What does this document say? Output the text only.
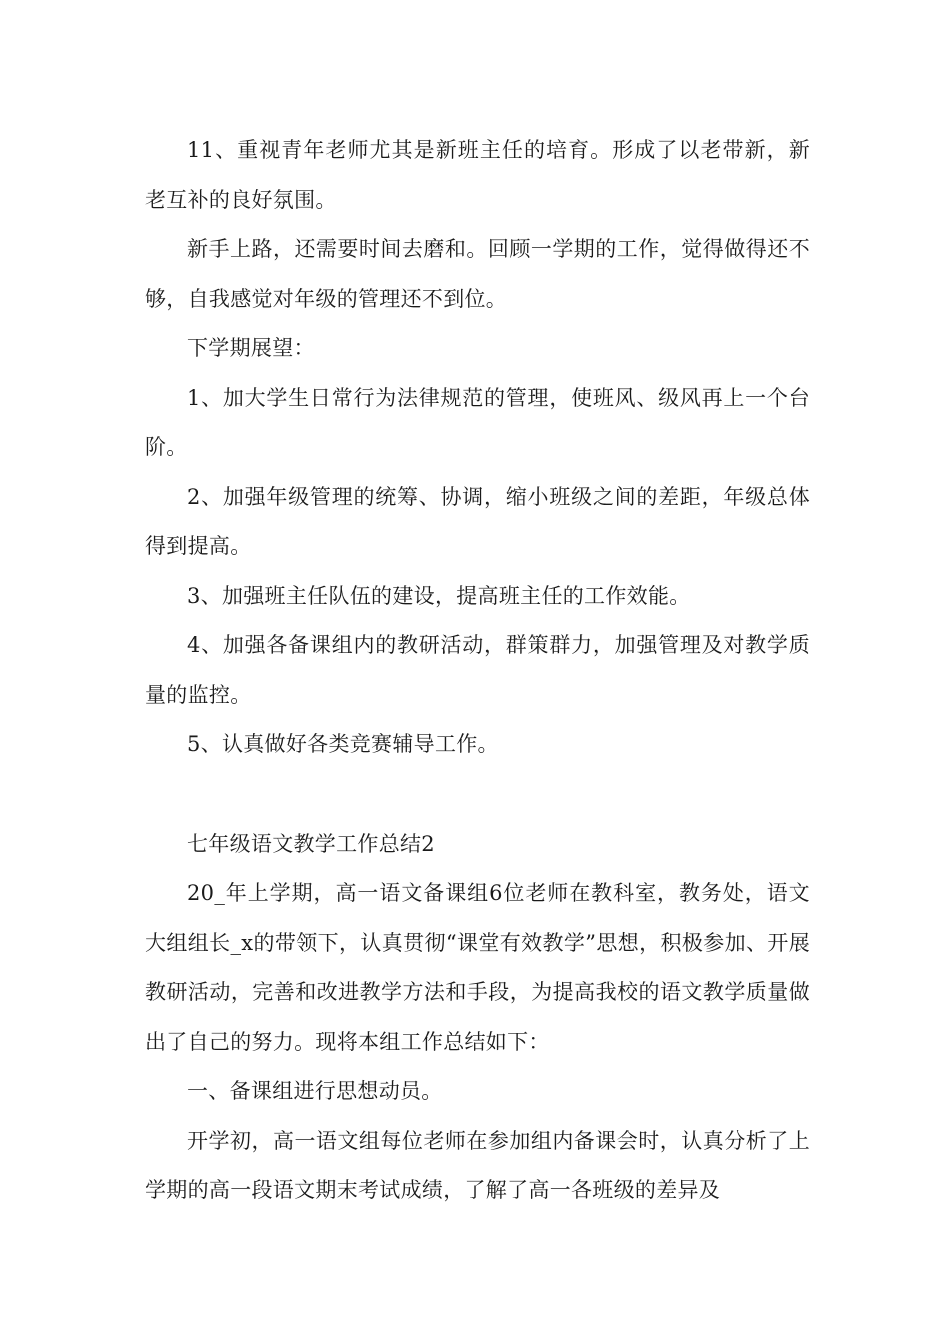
11、重视青年老师尤其是新班主任的培育。形成了以老带新，新老互补的良好氛围。

新手上路，还需要时间去磨和。回顾一学期的工作，觉得做得还不够，自我感觉对年级的管理还不到位。

下学期展望：

1、加大学生日常行为法律规范的管理，使班风、级风再上一个台阶。

2、加强年级管理的统筹、协调，缩小班级之间的差距，年级总体得到提高。

3、加强班主任队伍的建设，提高班主任的工作效能。

4、加强各备课组内的教研活动，群策群力，加强管理及对教学质量的监控。

5、认真做好各类竞赛辅导工作。

七年级语文教学工作总结2

20_年上学期，高一语文备课组6位老师在教科室，教务处，语文大组组长_x的带领下，认真贯彻“课堂有效教学”思想，积极参加、开展教研活动，完善和改进教学方法和手段，为提高我校的语文教学质量做出了自己的努力。现将本组工作总结如下：

一、备课组进行思想动员。

开学初，高一语文组每位老师在参加组内备课会时，认真分析了上学期的高一段语文期末考试成绩，了解了高一各班级的差异及
